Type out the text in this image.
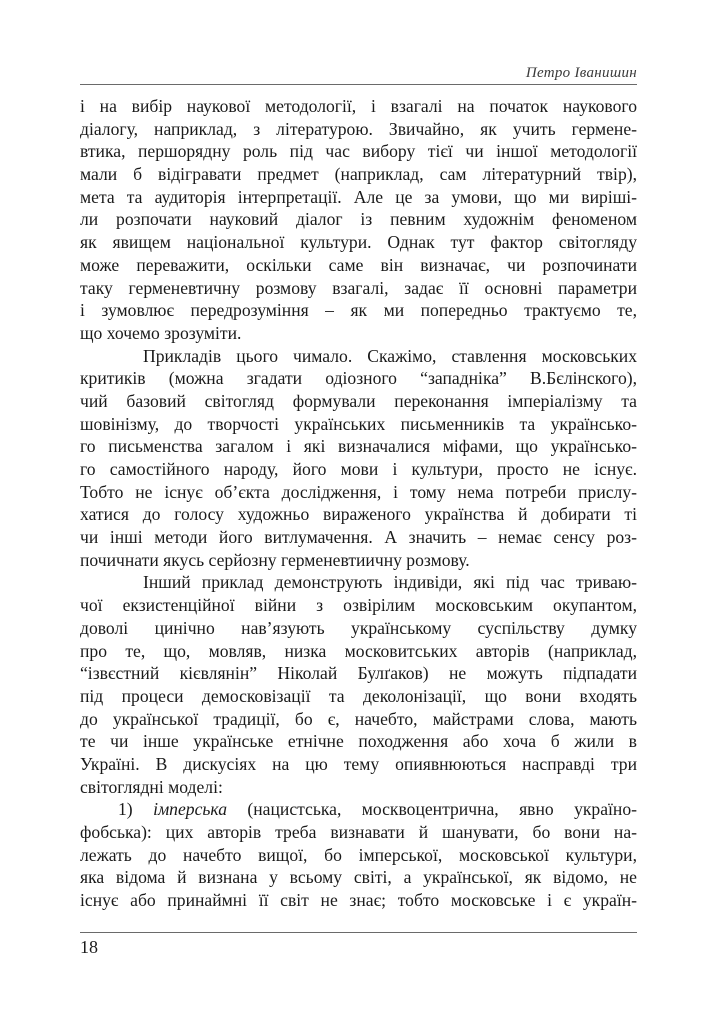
Петро Іванишин
і на вибір наукової методології, і взагалі на початок наукового
діалогу, наприклад, з літературою. Звичайно, як учить герменe-
втика, першорядну роль під час вибору тієї чи іншої методології
мали б відігравати предмет (наприклад, сам літературний твір),
мета та аудиторія інтерпретації. Але це за умови, що ми виріші-
ли розпочати науковий діалог із певним художнім феноменом
як явищем національної культури. Однак тут фактор світогляду
може переважити, оскільки саме він визначає, чи розпочинати
таку герменевтичну розмову взагалі, задає її основні параметри
і зумовлює передрозуміння – як ми попередньо трактуємо те,
що хочемо зрозуміти.
Прикладів цього чимало. Скажімо, ставлення московських
критиків (можна згадати одіозного “западніка” В.Бєлінского),
чий базовий світогляд формували переконання імперіалізму та
шовінізму, до творчості українських письменників та українсько-
го письменства загалом і які визначалися міфами, що українсько-
го самостійного народу, його мови і культури, просто не існує.
Тобто не існує об’єкта дослідження, і тому нема потреби прислу-
хатися до голосу художньо вираженого українства й добирати ті
чи інші методи його витлумачення. А значить – немає сенсу роз-
почичнати якусь серйозну герменевтиичну розмову.
Інший приклад демонструють індивіди, які під час триваю-
чої екзистенційної війни з озвірілим московським окупантом,
доволі цинічно нав’язують українському суспільству думку
про те, що, мовляв, низка московитських авторів (наприклад,
“ізвєстний кієвлянін” Ніколай Булґаков) не можуть підпадати
під процеси демосковізації та деколонізації, що вони входять
до української традиції, бо є, начебто, майстрами слова, мають
те чи інше українське етнічне походження або хоча б жили в
Україні. В дискусіях на цю тему опиявнюються насправді три
світоглядні моделі:
1) імперська (нацистська, москвоцентрична, явно україно-
фобська): цих авторів треба визнавати й шанувати, бо вони на-
лежать до начебто вищої, бо імперської, московської культури,
яка відома й визнана у всьому світі, а української, як відомо, не
існує або принаймні її світ не знає; тобто московське і є україн-
18
